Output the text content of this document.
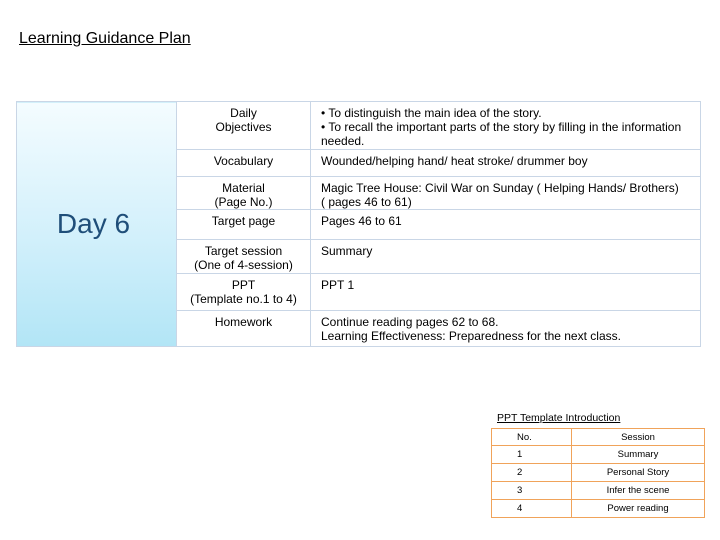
Learning Guidance Plan
Day 6	Daily
Objectives	• To distinguish the main idea of the story.
• To recall the important parts of the story by filling in the information
needed.

	Vocabulary	Wounded/helping hand/ heat stroke/ drummer boy

	Material
(Page No.)	Magic Tree House: Civil War on Sunday ( Helping Hands/ Brothers)
( pages 46 to 61)

	Target page	Pages 46 to 61

	Target session
(One of 4-session)	Summary

	PPT
(Template no.1 to 4)	PPT 1

	Homework	Continue reading pages 62 to 68.
Learning Effectiveness: Preparedness for the next class.
PPT Template Introduction
No.	Session
1	Summary
2	Personal Story
3	Infer the scene
4	Power reading
